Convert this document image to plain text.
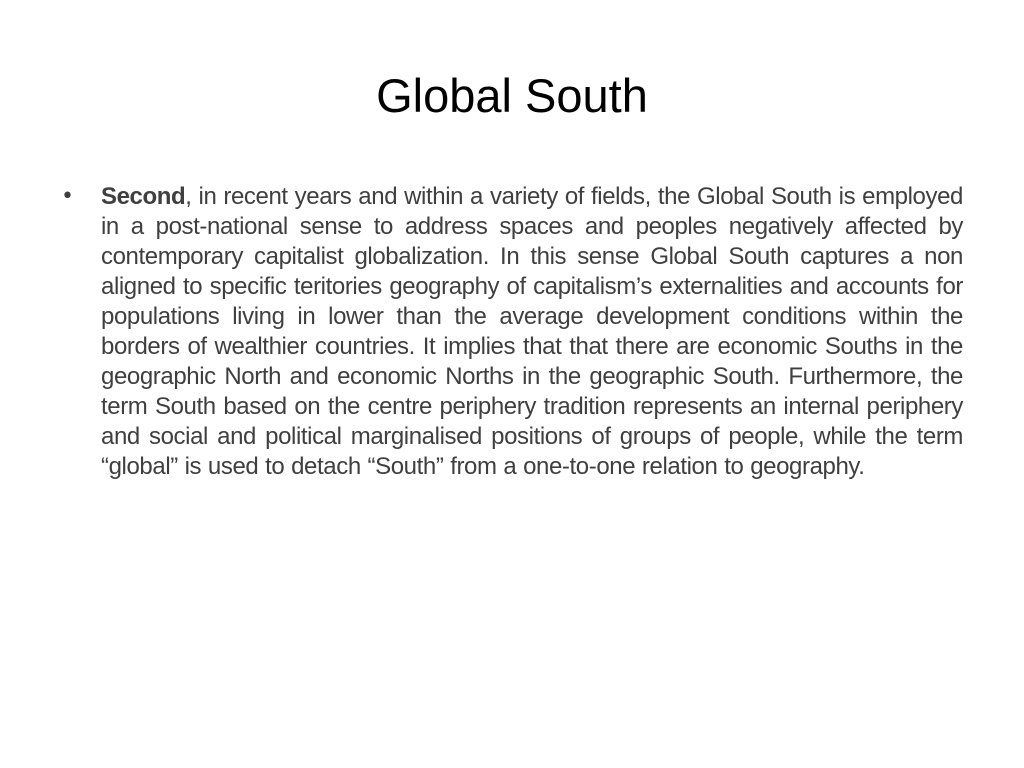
Global South
•	Second, in recent years and within a variety of fields, the Global South is employed in a post-national sense to address spaces and peoples negatively affected by contemporary capitalist globalization. In this sense Global South captures a non aligned to specific teritories geography of capitalism’s externalities and accounts for populations living in lower than the average development conditions within the borders of wealthier countries. It implies that that there are economic Souths in the geographic North and economic Norths in the geographic South. Furthermore, the term South based on the centre periphery tradition represents an internal periphery and social and political marginalised positions of groups of people, while the term “global” is used to detach “South” from a one-to-one relation to geography.
